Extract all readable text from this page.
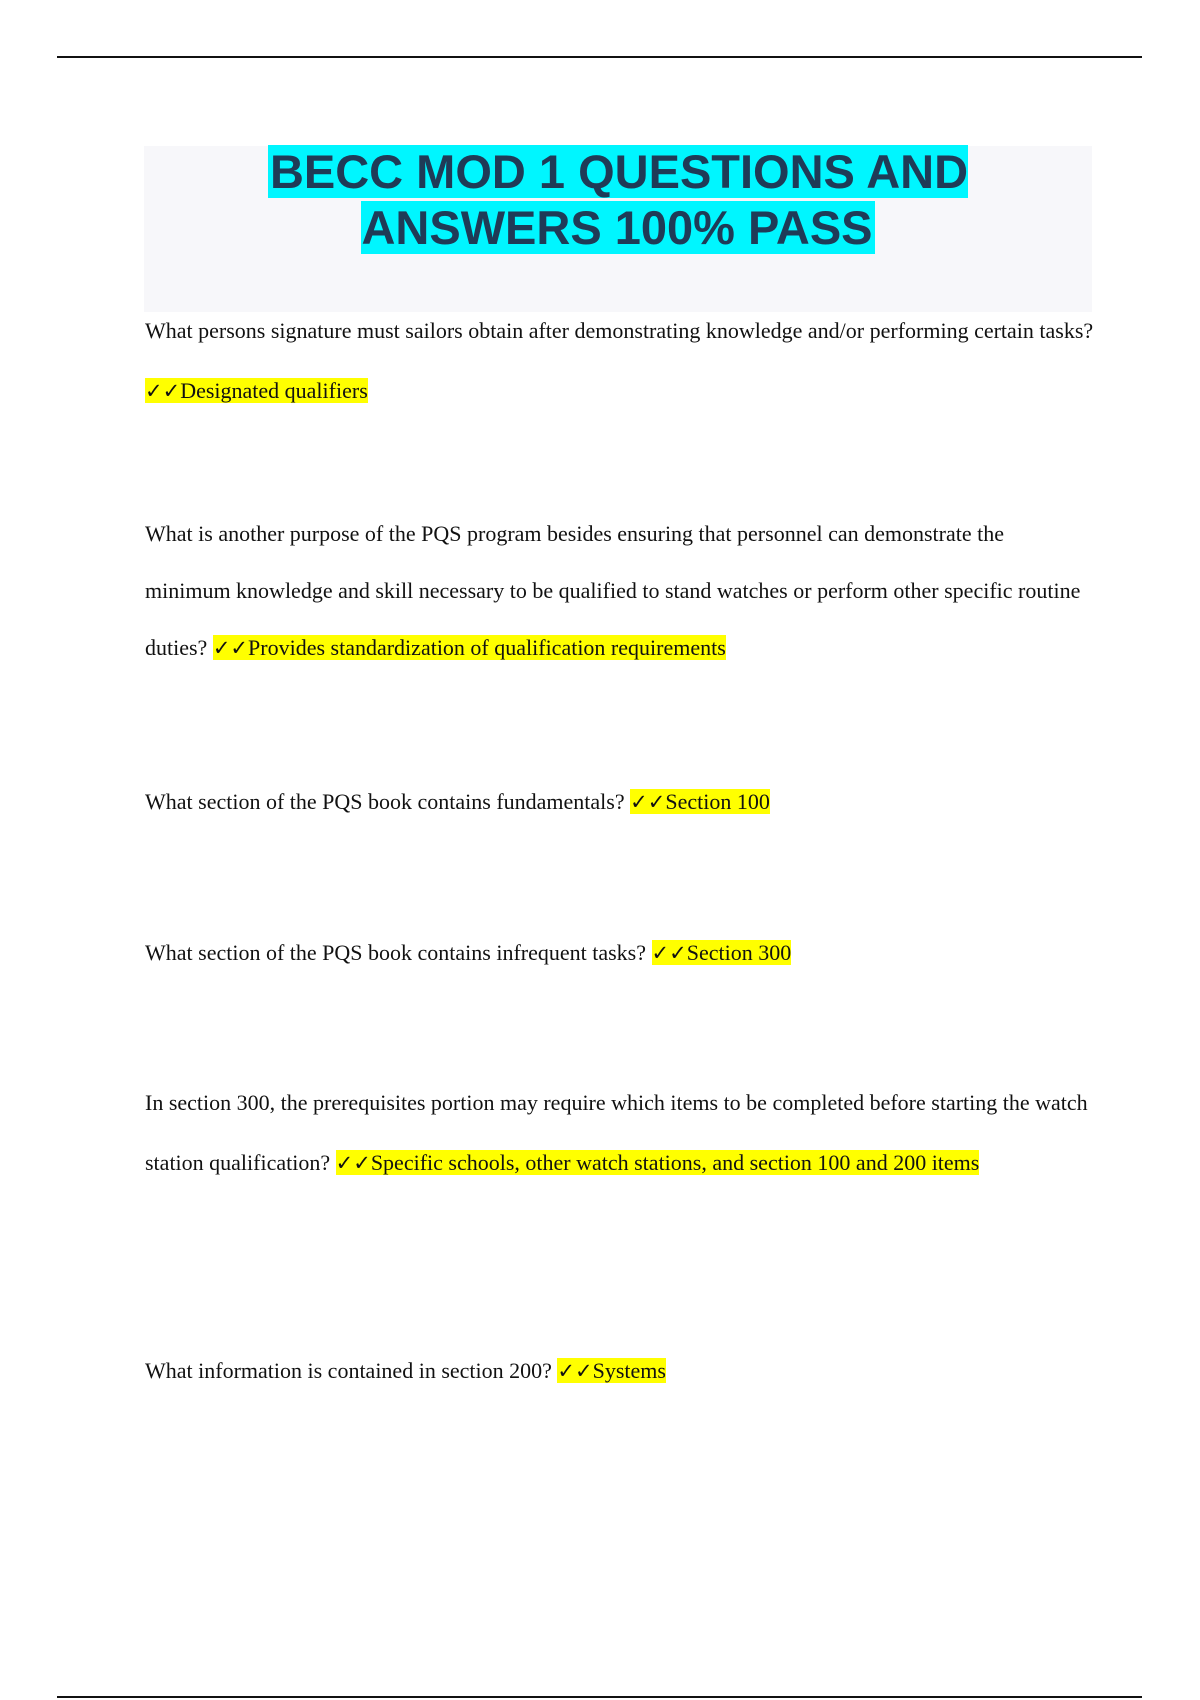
BECC MOD 1 QUESTIONS AND ANSWERS 100% PASS

What persons signature must sailors obtain after demonstrating knowledge and/or performing certain tasks? ✓✓Designated qualifiers

What is another purpose of the PQS program besides ensuring that personnel can demonstrate the minimum knowledge and skill necessary to be qualified to stand watches or perform other specific routine duties? ✓✓Provides standardization of qualification requirements

What section of the PQS book contains fundamentals? ✓✓Section 100

What section of the PQS book contains infrequent tasks? ✓✓Section 300

In section 300, the prerequisites portion may require which items to be completed before starting the watch station qualification? ✓✓Specific schools, other watch stations, and section 100 and 200 items

What information is contained in section 200? ✓✓Systems
